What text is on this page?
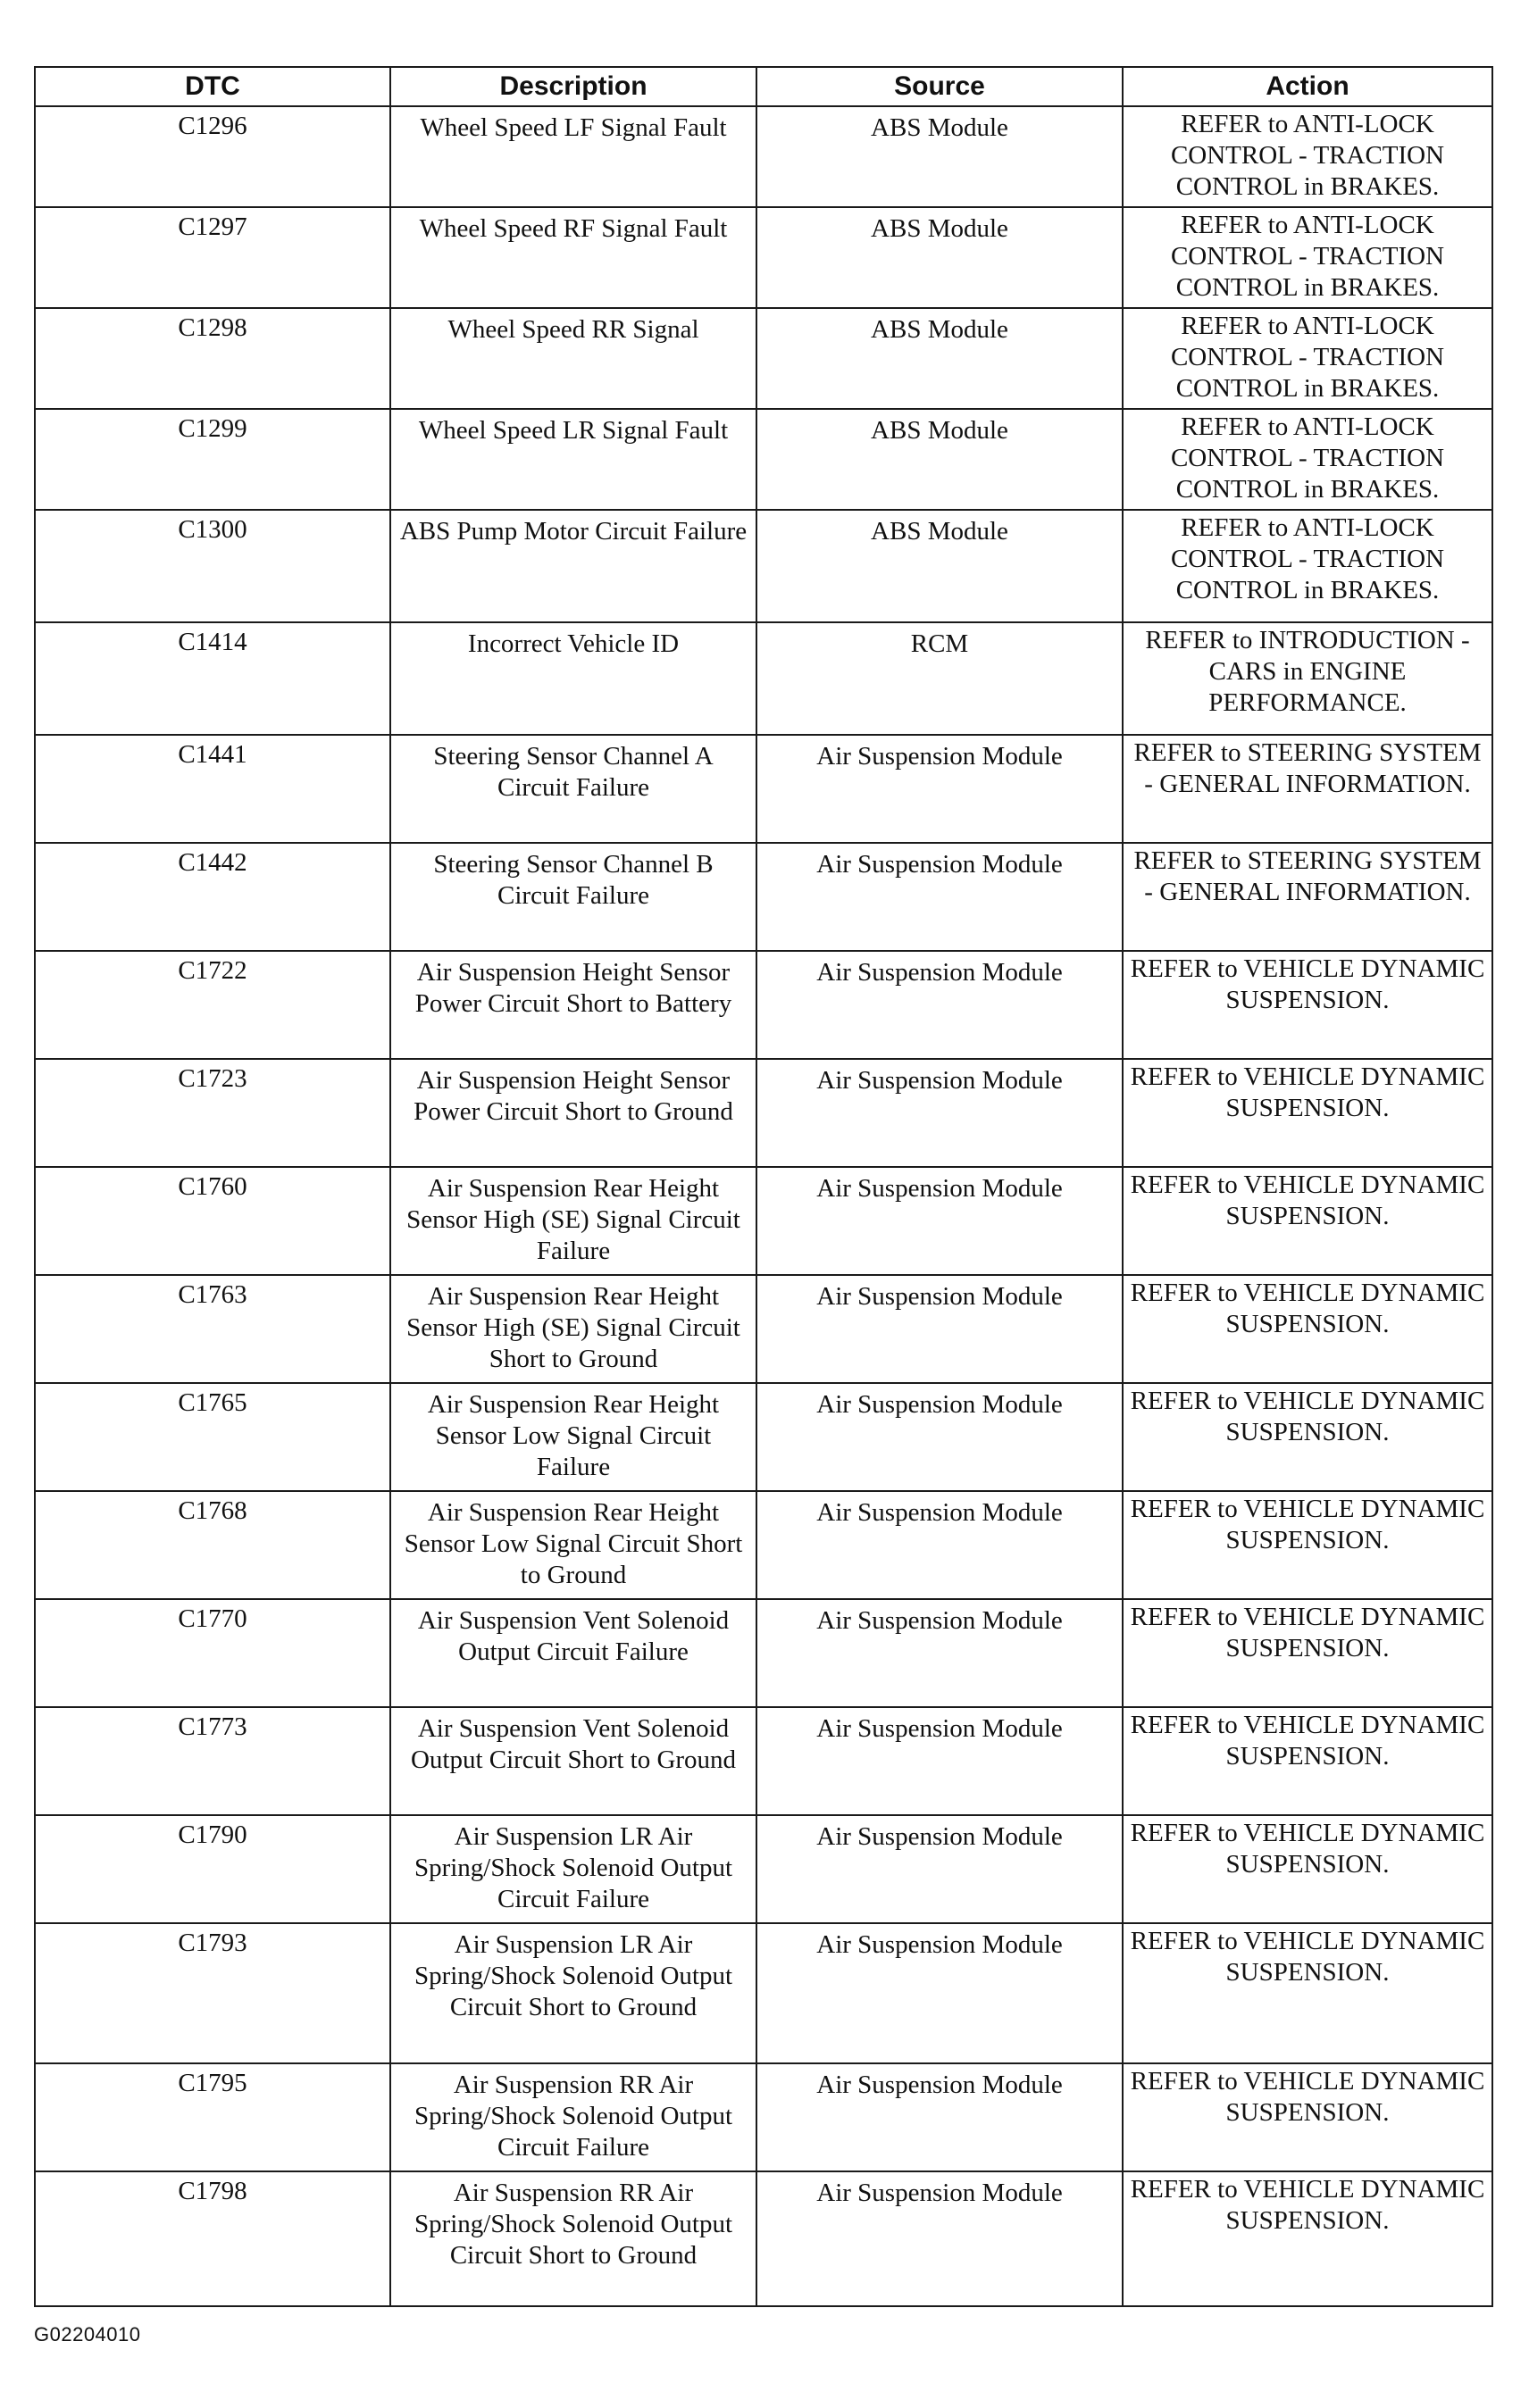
DTC	Description	Source	Action
C1296	Wheel Speed LF Signal Fault	ABS Module	REFER to ANTI-LOCK CONTROL - TRACTION CONTROL in BRAKES.
C1297	Wheel Speed RF Signal Fault	ABS Module	REFER to ANTI-LOCK CONTROL - TRACTION CONTROL in BRAKES.
C1298	Wheel Speed RR Signal	ABS Module	REFER to ANTI-LOCK CONTROL - TRACTION CONTROL in BRAKES.
C1299	Wheel Speed LR Signal Fault	ABS Module	REFER to ANTI-LOCK CONTROL - TRACTION CONTROL in BRAKES.
C1300	ABS Pump Motor Circuit Failure	ABS Module	REFER to ANTI-LOCK CONTROL - TRACTION CONTROL in BRAKES.
C1414	Incorrect Vehicle ID	RCM	REFER to INTRODUCTION - CARS in ENGINE PERFORMANCE.
C1441	Steering Sensor Channel A Circuit Failure	Air Suspension Module	REFER to STEERING SYSTEM - GENERAL INFORMATION.
C1442	Steering Sensor Channel B Circuit Failure	Air Suspension Module	REFER to STEERING SYSTEM - GENERAL INFORMATION.
C1722	Air Suspension Height Sensor Power Circuit Short to Battery	Air Suspension Module	REFER to VEHICLE DYNAMIC SUSPENSION.
C1723	Air Suspension Height Sensor Power Circuit Short to Ground	Air Suspension Module	REFER to VEHICLE DYNAMIC SUSPENSION.
C1760	Air Suspension Rear Height Sensor High (SE) Signal Circuit Failure	Air Suspension Module	REFER to VEHICLE DYNAMIC SUSPENSION.
C1763	Air Suspension Rear Height Sensor High (SE) Signal Circuit Short to Ground	Air Suspension Module	REFER to VEHICLE DYNAMIC SUSPENSION.
C1765	Air Suspension Rear Height Sensor Low Signal Circuit Failure	Air Suspension Module	REFER to VEHICLE DYNAMIC SUSPENSION.
C1768	Air Suspension Rear Height Sensor Low Signal Circuit Short to Ground	Air Suspension Module	REFER to VEHICLE DYNAMIC SUSPENSION.
C1770	Air Suspension Vent Solenoid Output Circuit Failure	Air Suspension Module	REFER to VEHICLE DYNAMIC SUSPENSION.
C1773	Air Suspension Vent Solenoid Output Circuit Short to Ground	Air Suspension Module	REFER to VEHICLE DYNAMIC SUSPENSION.
C1790	Air Suspension LR Air Spring/Shock Solenoid Output Circuit Failure	Air Suspension Module	REFER to VEHICLE DYNAMIC SUSPENSION.
C1793	Air Suspension LR Air Spring/Shock Solenoid Output Circuit Short to Ground	Air Suspension Module	REFER to VEHICLE DYNAMIC SUSPENSION.
C1795	Air Suspension RR Air Spring/Shock Solenoid Output Circuit Failure	Air Suspension Module	REFER to VEHICLE DYNAMIC SUSPENSION.
C1798	Air Suspension RR Air Spring/Shock Solenoid Output Circuit Short to Ground	Air Suspension Module	REFER to VEHICLE DYNAMIC SUSPENSION.
G02204010
